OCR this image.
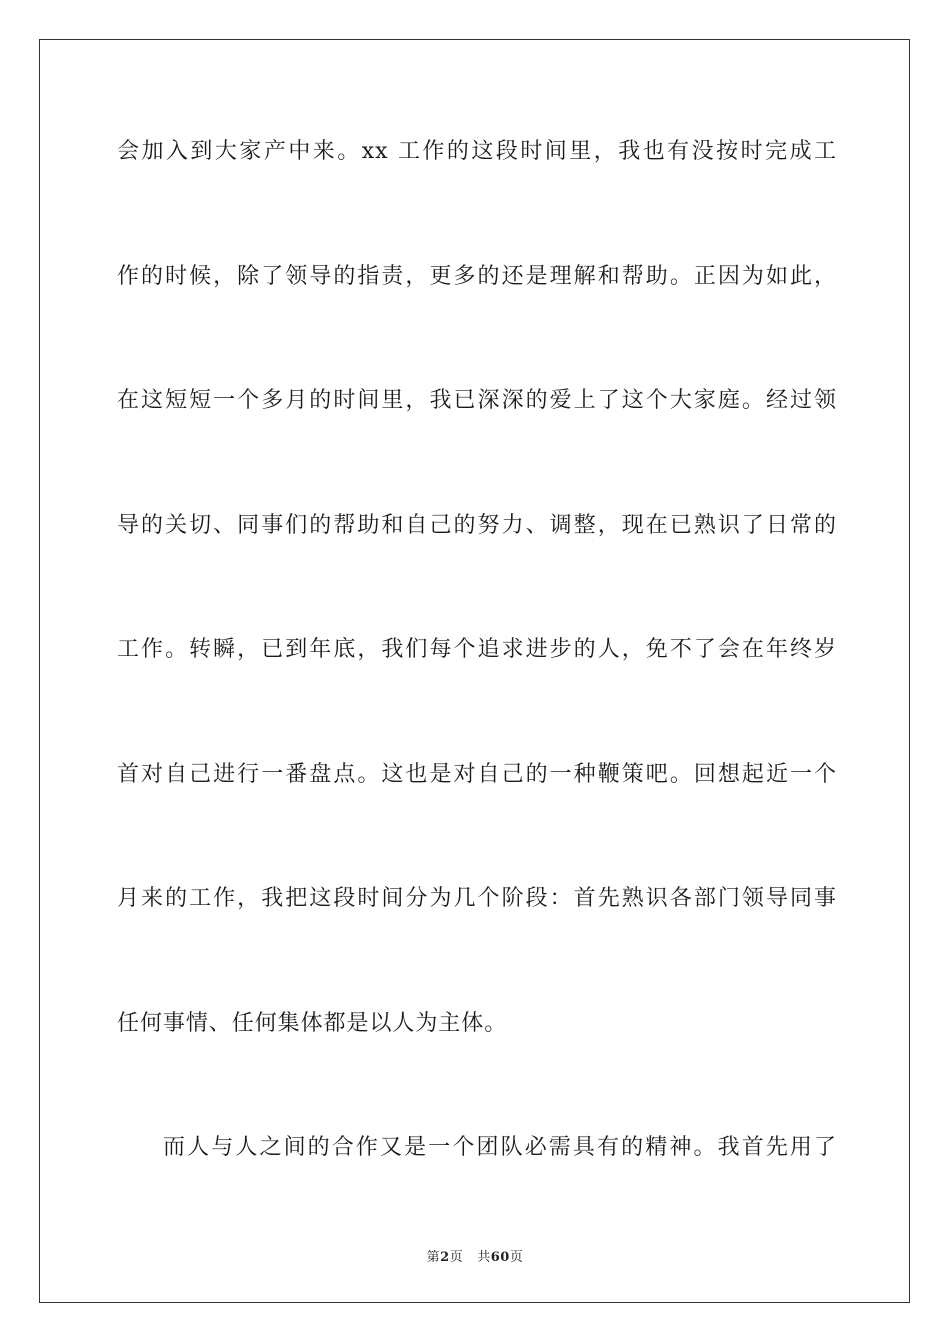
会加入到大家产中来。xx 工作的这段时间里，我也有没按时完成工
作的时候，除了领导的指责，更多的还是理解和帮助。正因为如此，
在这短短一个多月的时间里，我已深深的爱上了这个大家庭。经过领
导的关切、同事们的帮助和自己的努力、调整，现在已熟识了日常的
工作。转瞬，已到年底，我们每个追求进步的人，免不了会在年终岁
首对自己进行一番盘点。这也是对自己的一种鞭策吧。回想起近一个
月来的工作，我把这段时间分为几个阶段：首先熟识各部门领导同事
任何事情、任何集体都是以人为主体。
而人与人之间的合作又是一个团队必需具有的精神。我首先用了
第2页 共60页
